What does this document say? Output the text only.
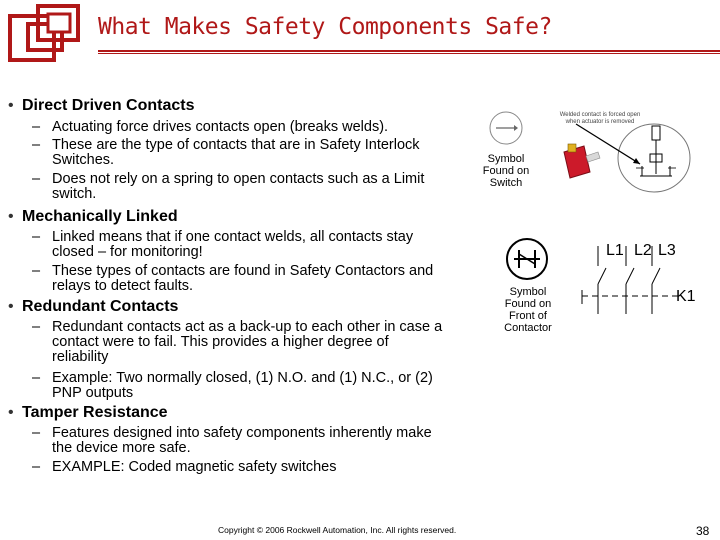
What Makes Safety Components Safe?
• Direct Driven Contacts
– Actuating force drives contacts open (breaks welds).
– These are the type of contacts that are in Safety Interlock
Switches.
– Does not rely on a spring to open contacts such as a Limit
switch.
• Mechanically Linked
– Linked means that if one contact welds, all contacts stay
closed – for monitoring!
– These types of contacts are found in Safety Contactors and
relays to detect faults.
• Redundant Contacts
– Redundant contacts act as a back-up to each other in case a
contact were to fail. This provides a higher degree of
reliability
– Example: Two normally closed, (1) N.O. and (1) N.C., or (2)
PNP outputs
• Tamper Resistance
– Features designed into safety components inherently make
the device more safe.
– EXAMPLE: Coded magnetic safety switches
Symbol
Found on
Switch
Welded contact is forced open
when actuator is removed
Symbol
Found on
Front of
Contactor
L1 L2 L3
K1
Copyright © 2006 Rockwell Automation, Inc. All rights reserved.	38
